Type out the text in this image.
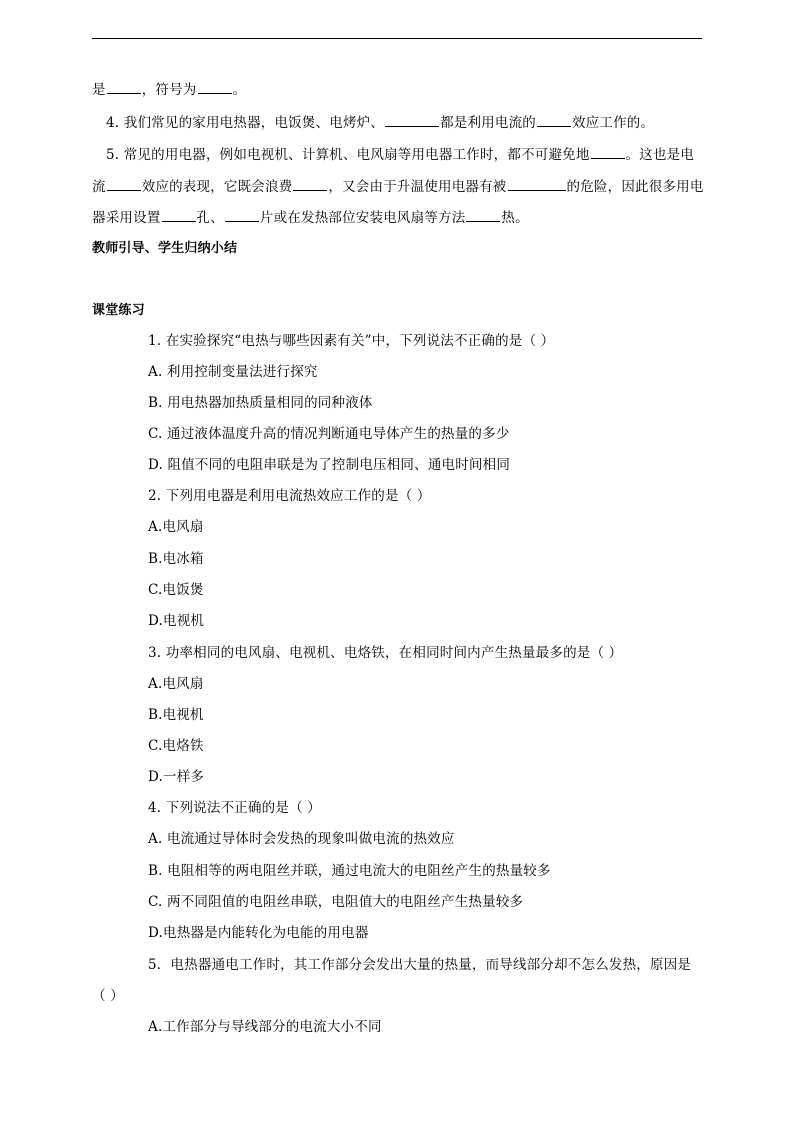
是	，符号为	。
4. 我们常见的家用电热器，电饭煲、电烤炉、	都是利用电流的	效应工作的。
5. 常见的用电器，例如电视机、计算机、电风扇等用电器工作时，都不可避免地	。这也是电
流	效应的表现，它既会浪费	，又会由于升温使用电器有被	的危险，因此很多用电
器采用设置	孔、	片或在发热部位安装电风扇等方法	热。
教师引导、学生归纳小结
课堂练习
1. 在实验探究“电热与哪些因素有关”中，下列说法不正确的是（ ）
A. 利用控制变量法进行探究
B. 用电热器加热质量相同的同种液体
C. 通过液体温度升高的情况判断通电导体产生的热量的多少
D. 阻值不同的电阻串联是为了控制电压相同、通电时间相同
2. 下列用电器是利用电流热效应工作的是（ ）
A.电风扇
B.电冰箱
C.电饭煲
D.电视机
3. 功率相同的电风扇、电视机、电烙铁，在相同时间内产生热量最多的是（ ）
A.电风扇
B.电视机
C.电烙铁
D.一样多
4. 下列说法不正确的是（ ）
A. 电流通过导体时会发热的现象叫做电流的热效应
B. 电阻相等的两电阻丝并联，通过电流大的电阻丝产生的热量较多
C. 两不同阻值的电阻丝串联，电阻值大的电阻丝产生热量较多
D.电热器是内能转化为电能的用电器
5．电热器通电工作时，其工作部分会发出大量的热量，而导线部分却不怎么发热，原因是
（ ）
A.工作部分与导线部分的电流大小不同
